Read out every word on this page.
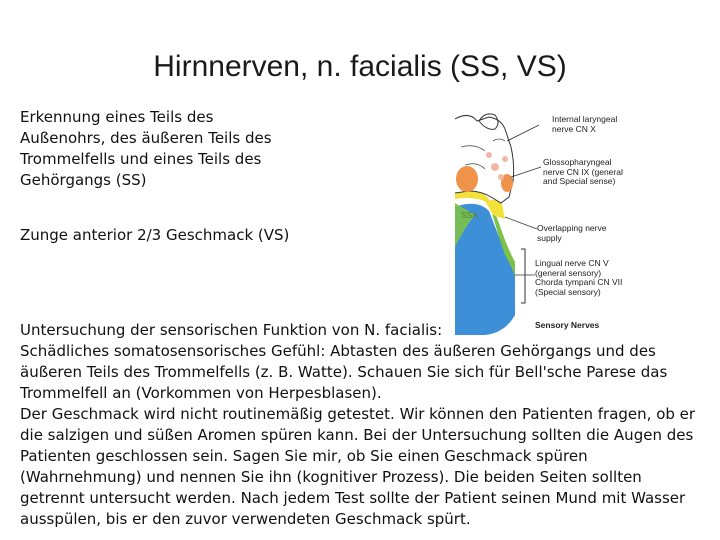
Hirnnerven, n. facialis (SS, VS)

Erkennung eines Teils des Außenohrs, des äußeren Teils des Trommelfells und eines Teils des Gehörgangs (SS)

Zunge anterior 2/3 Geschmack (VS)

Internal laryngeal
nerve CN X
Glossopharyngeal
nerve CN IX (general
and Special sense)
Overlapping nerve
supply
Lingual nerve CN V
(general sensory)
Chorda tympani CN VII
(Special sensory)
Sensory Nerves
SSA

Untersuchung der sensorischen Funktion von N. facialis:

Schädliches somatosensorisches Gefühl: Abtasten des äußeren Gehörgangs und des äußeren Teils des Trommelfells (z. B. Watte). Schauen Sie sich für Bell'sche Parese das Trommelfell an (Vorkommen von Herpesblasen).

Der Geschmack wird nicht routinemäßig getestet. Wir können den Patienten fragen, ob er die salzigen und süßen Aromen spüren kann. Bei der Untersuchung sollten die Augen des Patienten geschlossen sein. Sagen Sie mir, ob Sie einen Geschmack spüren (Wahrnehmung) und nennen Sie ihn (kognitiver Prozess). Die beiden Seiten sollten getrennt untersucht werden. Nach jedem Test sollte der Patient seinen Mund mit Wasser ausspülen, bis er den zuvor verwendeten Geschmack spürt.
